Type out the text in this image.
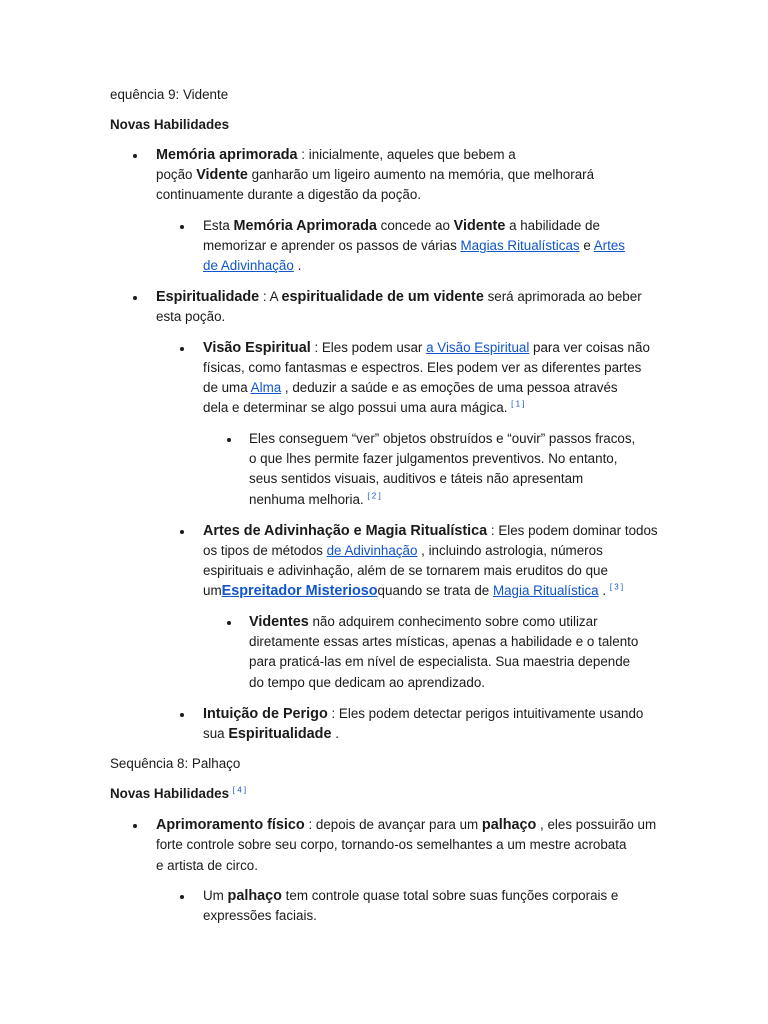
equência 9: Vidente
Novas Habilidades
Memória aprimorada : inicialmente, aqueles que bebem a
poção Vidente ganharão um ligeiro aumento na memória, que melhorará
continuamente durante a digestão da poção.
Esta Memória Aprimorada concede ao Vidente a habilidade de
memorizar e aprender os passos de várias Magias Ritualísticas e Artes
de Adivinhação .
Espiritualidade : A espiritualidade de um vidente será aprimorada ao beber
esta poção.
Visão Espiritual : Eles podem usar a Visão Espiritual para ver coisas não
físicas, como fantasmas e espectros. Eles podem ver as diferentes partes
de uma Alma , deduzir a saúde e as emoções de uma pessoa através
dela e determinar se algo possui uma aura mágica. [ 1 ]
Eles conseguem “ver” objetos obstruídos e “ouvir” passos fracos,
o que lhes permite fazer julgamentos preventivos. No entanto,
seus sentidos visuais, auditivos e táteis não apresentam
nenhuma melhoria. [ 2 ]
Artes de Adivinhação e Magia Ritualística : Eles podem dominar todos
os tipos de métodos de Adivinhação , incluindo astrologia, números
espirituais e adivinhação, além de se tornarem mais eruditos do que
umEspreitador Misteriosoquando se trata de Magia Ritualística . [ 3 ]
Videntes não adquirem conhecimento sobre como utilizar
diretamente essas artes místicas, apenas a habilidade e o talento
para praticá-las em nível de especialista. Sua maestria depende
do tempo que dedicam ao aprendizado.
Intuição de Perigo : Eles podem detectar perigos intuitivamente usando
sua Espiritualidade .
Sequência 8: Palhaço
Novas Habilidades [ 4 ]
Aprimoramento físico : depois de avançar para um palhaço , eles possuirão um
forte controle sobre seu corpo, tornando-os semelhantes a um mestre acrobata
e artista de circo.
Um palhaço tem controle quase total sobre suas funções corporais e
expressões faciais.
